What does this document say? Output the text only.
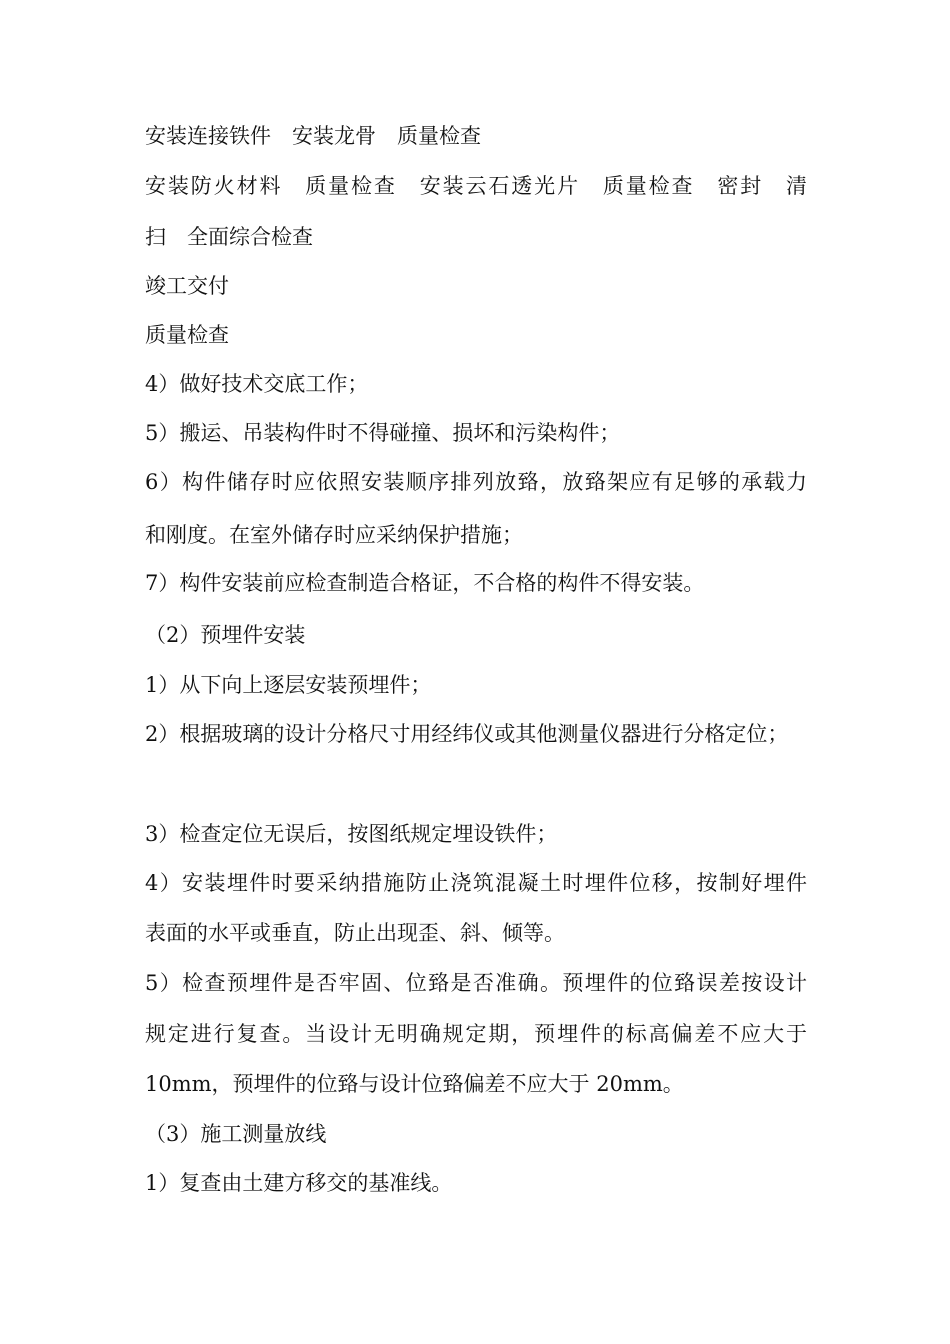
安装连接铁件　安装龙骨　质量检查
安装防火材料　质量检查　安装云石透光片　质量检查　密封　清
扫　全面综合检查
竣工交付
质量检查
4）做好技术交底工作；
5）搬运、吊装构件时不得碰撞、损坏和污染构件；
6）构件储存时应依照安装顺序排列放臵，放臵架应有足够的承载力
和刚度。在室外储存时应采纳保护措施；
7）构件安装前应检查制造合格证，不合格的构件不得安装。
（2）预埋件安装
1）从下向上逐层安装预埋件；
2）根据玻璃的设计分格尺寸用经纬仪或其他测量仪器进行分格定位；
3）检查定位无误后，按图纸规定埋设铁件；
4）安装埋件时要采纳措施防止浇筑混凝土时埋件位移，按制好埋件
表面的水平或垂直，防止出现歪、斜、倾等。
5）检查预埋件是否牢固、位臵是否准确。预埋件的位臵误差按设计
规定进行复查。当设计无明确规定期，预埋件的标高偏差不应大于
10mm，预埋件的位臵与设计位臵偏差不应大于 20mm。
（3）施工测量放线
1）复查由土建方移交的基准线。
